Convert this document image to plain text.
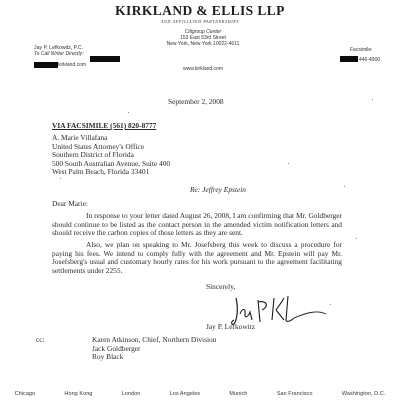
KIRKLAND & ELLIS LLP
AND AFFILIATED PARTNERSHIPS
Citigroup Center
153 East 53rd Street
New York, New York 10022-4611
www.kirkland.com
Jay P. Lefkowitz, P.C.
To Call Writer Directly:
kirkland.com
Facsimile:
446-4900
September 2, 2008
VIA FACSIMILE (561) 820-8777
A. Marie Villafana
United States Attorney's Office
Southern District of Florida
500 South Australian Avenue, Suite 400
West Palm Beach, Florida 33401
Re: Jeffrey Epstein
Dear Marie:
In response to your letter dated August 26, 2008, I am confirming that Mr. Goldberger should continue to be listed as the contact person in the amended victim notification letters and should receive the carbon copies of those letters as they are sent.
Also, we plan on speaking to Mr. Josefsberg this week to discuss a procedure for paying his fees. We intend to comply fully with the agreement and Mr. Epstein will pay Mr. Josefsberg's usual and customary hourly rates for his work pursuant to the agreement facilitating settlements under 2255.
Sincerely,
Jay P. Lefkowitz
cc:	Karen Atkinson, Chief, Northern Division
Jack Goldberger
Roy Black
Chicago	Hong Kong	London	Los Angeles	Munich	San Francisco	Washington, D.C.
